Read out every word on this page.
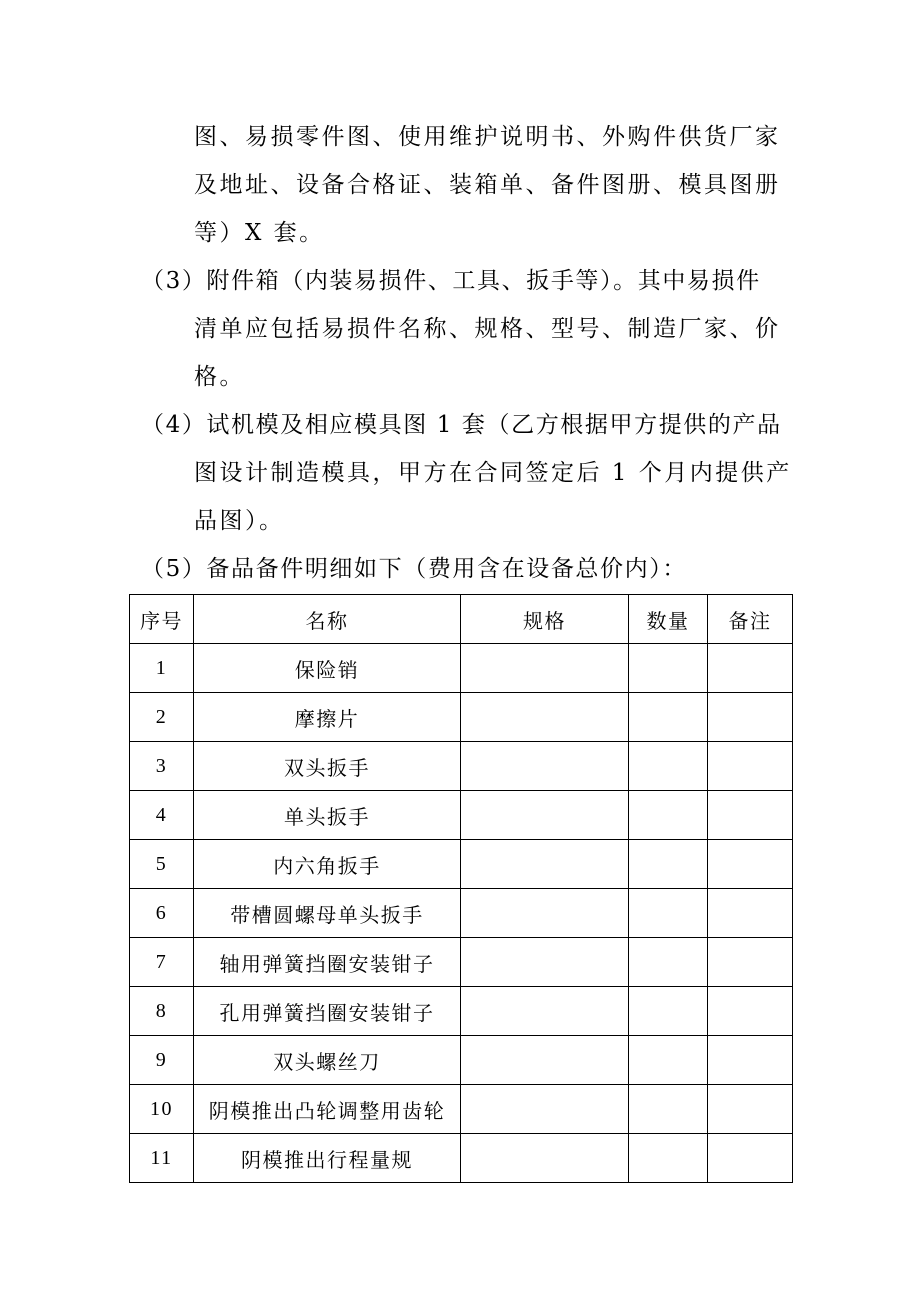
图、易损零件图、使用维护说明书、外购件供货厂家
及地址、设备合格证、装箱单、备件图册、模具图册
等）X 套。
（3）附件箱（内装易损件、工具、扳手等）。其中易损件
清单应包括易损件名称、规格、型号、制造厂家、价
格。
（4）试机模及相应模具图 1 套（乙方根据甲方提供的产品
图设计制造模具，甲方在合同签定后 1 个月内提供产
品图）。
（5）备品备件明细如下（费用含在设备总价内）：
序号	名称	规格	数量	备注
1	保险销			
2	摩擦片			
3	双头扳手			
4	单头扳手			
5	内六角扳手			
6	带槽圆螺母单头扳手			
7	轴用弹簧挡圈安装钳子			
8	孔用弹簧挡圈安装钳子			
9	双头螺丝刀			
10	阴模推出凸轮调整用齿轮			
11	阴模推出行程量规			
